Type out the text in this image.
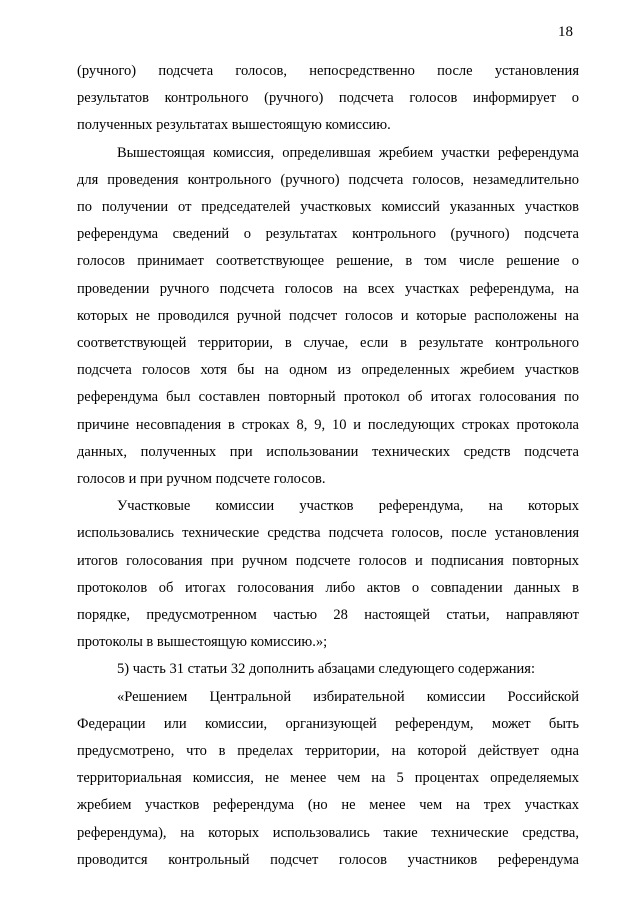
18
(ручного) подсчета голосов, непосредственно после установления
результатов контрольного (ручного) подсчета голосов информирует о
полученных результатах вышестоящую комиссию.
Вышестоящая комиссия, определившая жребием участки референдума
для проведения контрольного (ручного) подсчета голосов, незамедлительно
по получении от председателей участковых комиссий указанных участков
референдума сведений о результатах контрольного (ручного) подсчета
голосов принимает соответствующее решение, в том числе решение о
проведении ручного подсчета голосов на всех участках референдума, на
которых не проводился ручной подсчет голосов и которые расположены на
соответствующей территории, в случае, если в результате контрольного
подсчета голосов хотя бы на одном из определенных жребием участков
референдума был составлен повторный протокол об итогах голосования по
причине несовпадения в строках 8, 9, 10 и последующих строках протокола
данных, полученных при использовании технических средств подсчета
голосов и при ручном подсчете голосов.
Участковые комиссии участков референдума, на которых
использовались технические средства подсчета голосов, после установления
итогов голосования при ручном подсчете голосов и подписания повторных
протоколов об итогах голосования либо актов о совпадении данных в
порядке, предусмотренном частью 28 настоящей статьи, направляют
протоколы в вышестоящую комиссию.»;
5) часть 31 статьи 32 дополнить абзацами следующего содержания:
«Решением Центральной избирательной комиссии Российской
Федерации или комиссии, организующей референдум, может быть
предусмотрено, что в пределах территории, на которой действует одна
территориальная комиссия, не менее чем на 5 процентах определяемых
жребием участков референдума (но не менее чем на трех участках
референдума), на которых использовались такие технические средства,
проводится контрольный подсчет голосов участников референдума
